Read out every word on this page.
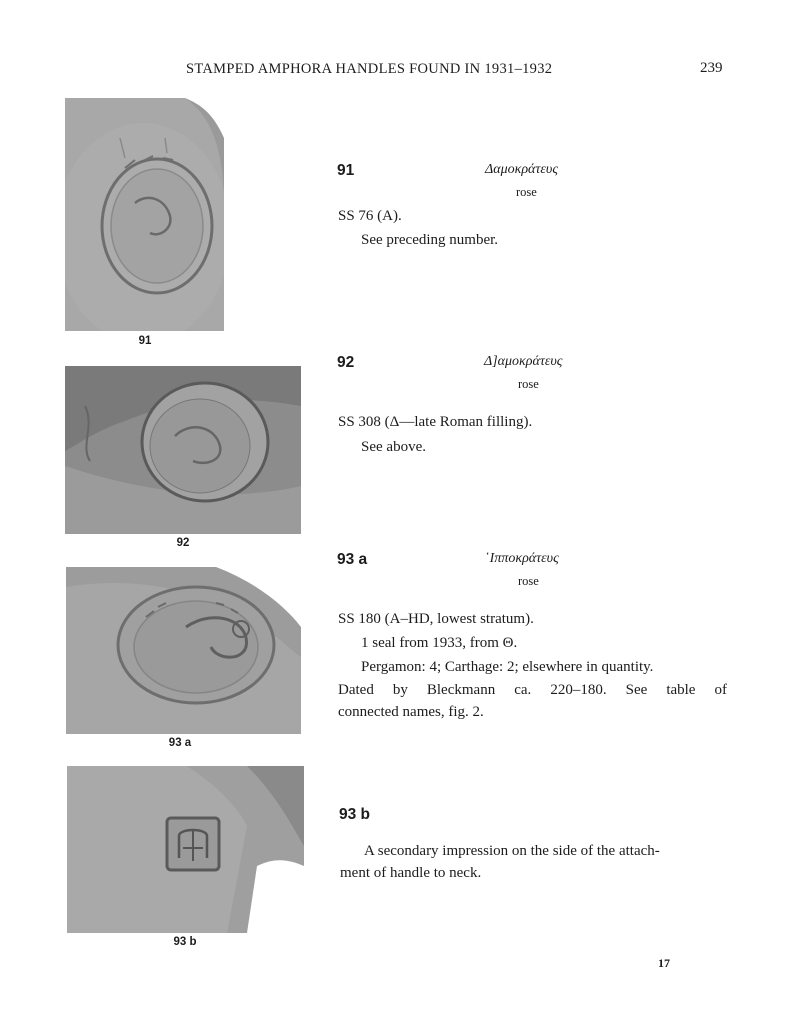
STAMPED AMPHORA HANDLES FOUND IN 1931–1932	239
91
92
93 a
93 b
91	Δαμοκράτευς
rose
SS 76 (A).
See preceding number.
92	Δ]αμοκράτευς
rose
SS 308 (Δ—late Roman filling).
See above.
93 a	῾Ιπποκράτευς
rose
SS 180 (A–HD, lowest stratum).
1 seal from 1933, from Θ.
Pergamon: 4; Carthage: 2; elsewhere in quantity.
Dated by Bleckmann ca. 220–180. See table of
connected names, fig. 2.
93 b
A secondary impression on the side of the attach-
ment of handle to neck.
17
